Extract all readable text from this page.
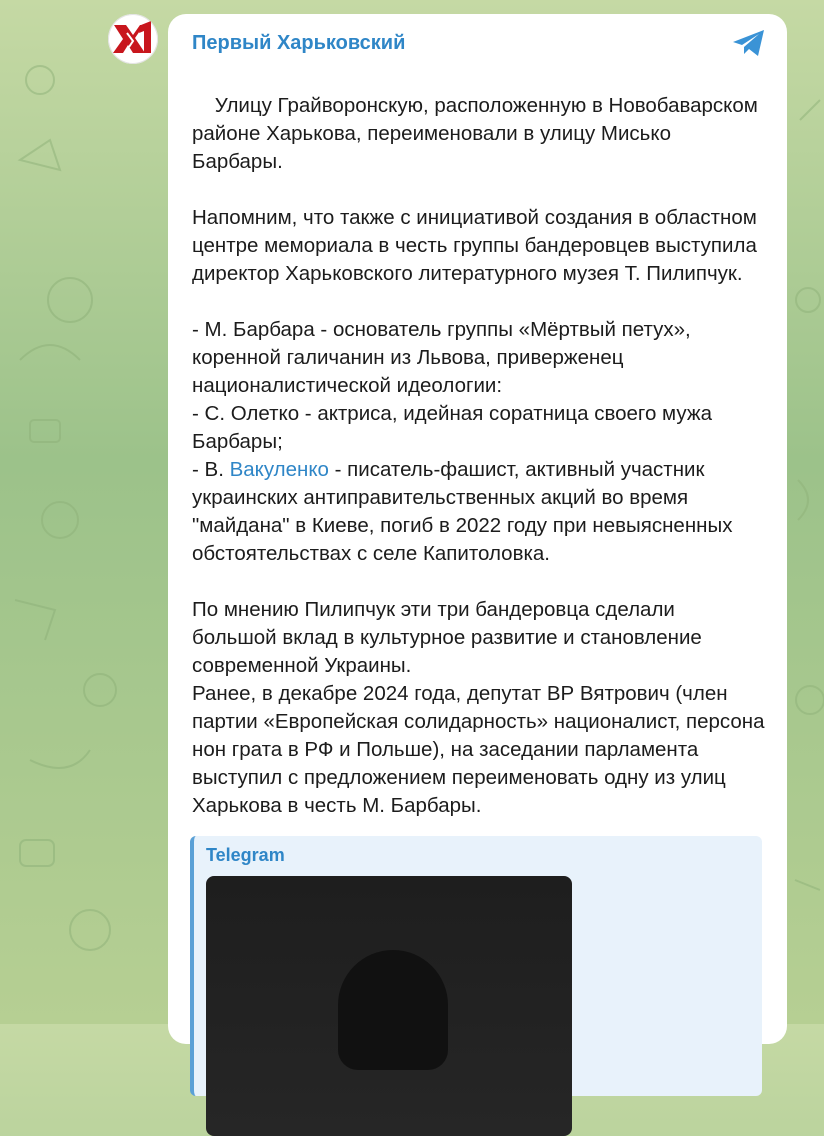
Первый Харьковский

Улицу Грайворонскую, расположенную в Новобаварском районе Харькова, переименовали в улицу Мисько Барбары.

Напомним, что также с инициативой создания в областном центре мемориала в честь группы бандеровцев выступила директор Харьковского литературного музея Т. Пилипчук.

- М. Барбара - основатель группы «Мёртвый петух», коренной галичанин из Львова, приверженец националистической идеологии:
- С. Олетко - актриса, идейная соратница своего мужа Барбары;
- В. Вакуленко - писатель-фашист, активный участник украинских антиправительственных акций во время "майдана" в Киеве, погиб в 2022 году при невыясненных обстоятельствах с селе Капитоловка.

По мнению Пилипчук эти три бандеровца сделали большой вклад в культурное развитие и становление современной Украины.
Ранее, в декабре 2024 года, депутат ВР Вятрович (член партии «Европейская солидарность» националист, персона нон грата в РФ и Польше), на заседании парламента выступил с предложением переименовать одну из улиц Харькова в честь М. Барбары.
Telegram
